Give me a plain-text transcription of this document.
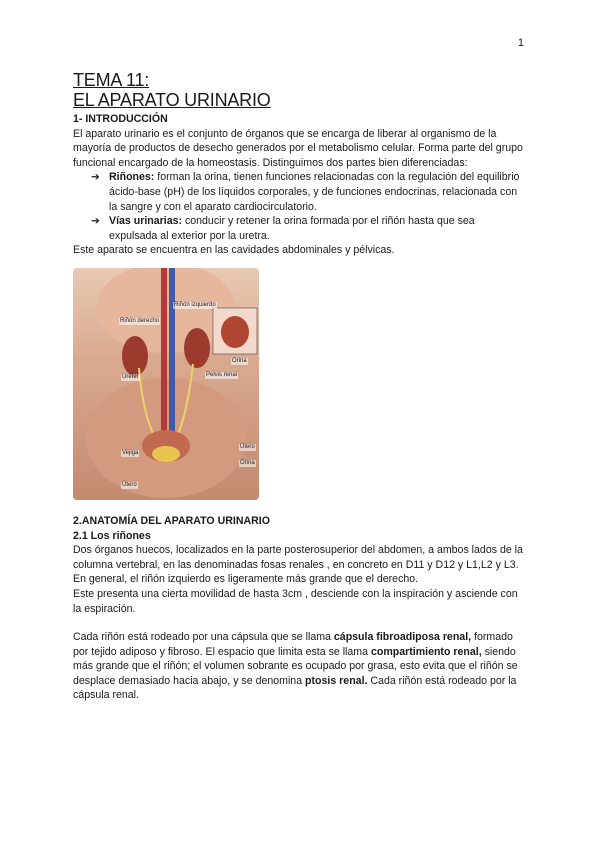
1
TEMA 11:
EL APARATO URINARIO

1- INTRODUCCIÓN

El aparato urinario es el conjunto de órganos que se encarga de liberar al organismo de la mayoría de productos de desecho generados por el metabolismo celular. Forma parte del grupo funcional encargado de la homeostasis. Distinguimos dos partes bien diferenciadas:

➔ Riñones: forman la orina, tienen funciones relacionadas con la regulación del equilibrio ácido-base (pH) de los líquidos corporales, y de funciones endocrinas, relacionada con la sangre y con el aparato cardiocirculatorio.
➔ Vías urinarias: conducir y retener la orina formada por el riñón hasta que sea expulsada al exterior por la uretra.

Este aparato se encuentra en las cavidades abdominales y pélvicas.

Riñón izquierdo
Riñón derecho
Uréter	Pelvis renal
Orina
Vejiga
Útero
Orina
Útero

2.ANATOMÍA DEL APARATO URINARIO

2.1 Los riñones

Dos órganos huecos, localizados en la parte posterosuperior del abdomen, a ambos lados de la columna vertebral, en las denominadas fosas renales , en concreto en D11 y D12 y L1,L2 y L3.

En general, el riñón izquierdo es ligeramente más grande que el derecho.

Este presenta una cierta movilidad de hasta 3cm , desciende con la inspiración y asciende con la espiración.

Cada riñón está rodeado por una cápsula que se llama cápsula fibroadiposa renal, formado por tejido adiposo y fibroso. El espacio que limita esta se llama compartimiento renal, siendo más grande que el riñón; el volumen sobrante es ocupado por grasa, esto evita que el riñón se desplace demasiado hacia abajo, y se denomina ptosis renal. Cada riñón está rodeado por la cápsula renal.
